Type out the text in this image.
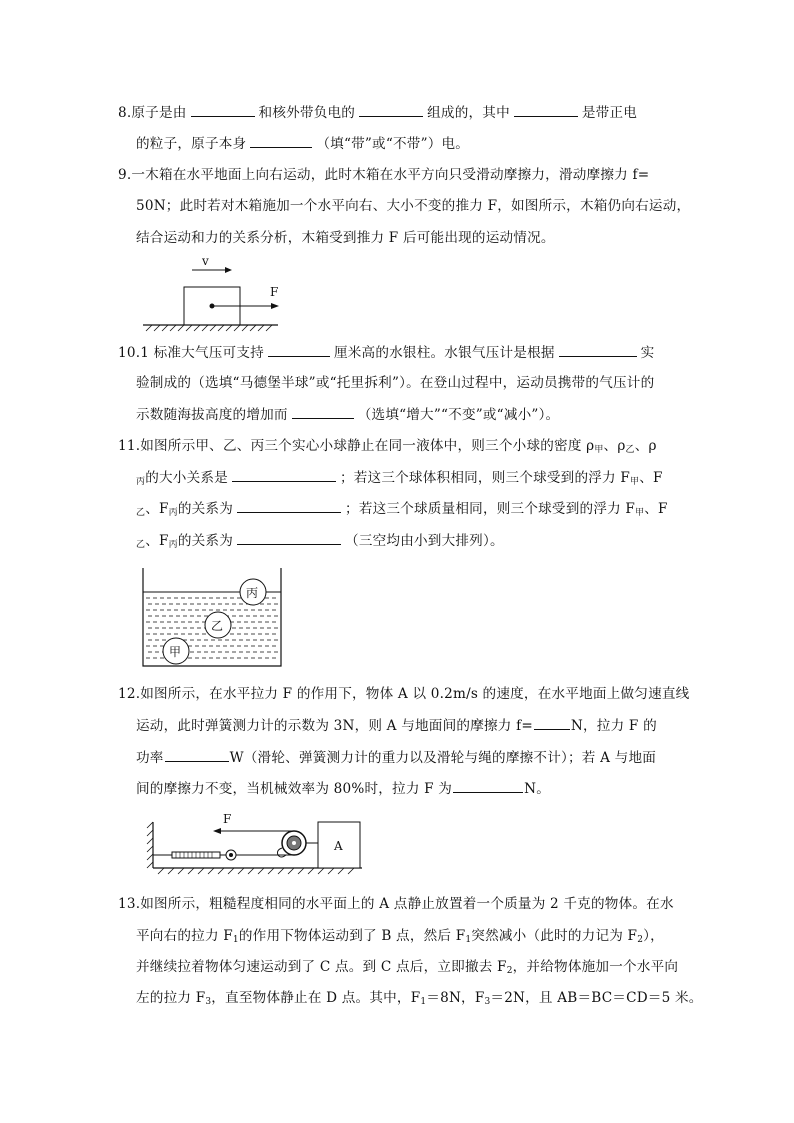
8.原子是由	和核外带负电的	组成的，其中	是带正电
的粒子，原子本身	（填“带”或“不带”）电。
9.一木箱在水平地面上向右运动，此时木箱在水平方向只受滑动摩擦力，滑动摩擦力 f=
50N；此时若对木箱施加一个水平向右、大小不变的推力 F，如图所示，木箱仍向右运动，
结合运动和力的关系分析，木箱受到推力 F 后可能出现的运动情况。
v
F
10.1 标准大气压可支持	厘米高的水银柱。水银气压计是根据	实
验制成的（选填“马德堡半球”或“托里拆利”）。在登山过程中，运动员携带的气压计的
示数随海拔高度的增加而	（选填“增大”“不变”或“减小”）。
11.如图所示甲、乙、丙三个实心小球静止在同一液体中，则三个小球的密度 $\rho_甲$、$\rho_乙$、ρ
$_丙$的大小关系是	；若这三个球体积相同，则三个球受到的浮力 $F_甲$、F
$_乙$、$F_丙$的关系为	；若这三个球质量相同，则三个球受到的浮力 $F_甲$、F
$_乙$、$F_丙$的关系为	（三空均由小到大排列）。
丙
乙
甲
12.如图所示，在水平拉力 F 的作用下，物体 A 以 0.2m/s 的速度，在水平地面上做匀速直线
运动，此时弹簧测力计的示数为 3N，则 A 与地面间的摩擦力 f=	N，拉力 F 的
功率	W（滑轮、弹簧测力计的重力以及滑轮与绳的摩擦不计）；若 A 与地面
间的摩擦力不变，当机械效率为 80%时，拉力 F 为	N。
F
A
13.如图所示，粗糙程度相同的水平面上的 A 点静止放置着一个质量为 2 千克的物体。在水
平向右的拉力 $F_1$的作用下物体运动到了 B 点，然后 $F_1$突然减小（此时的力记为 $F_2$），
并继续拉着物体匀速运动到了 C 点。到 C 点后，立即撤去 $F_2$，并给物体施加一个水平向
左的拉力 $F_3$，直至物体静止在 D 点。其中，$F_1=8N$，$F_3=2N$，且 AB＝BC＝CD＝5 米。
